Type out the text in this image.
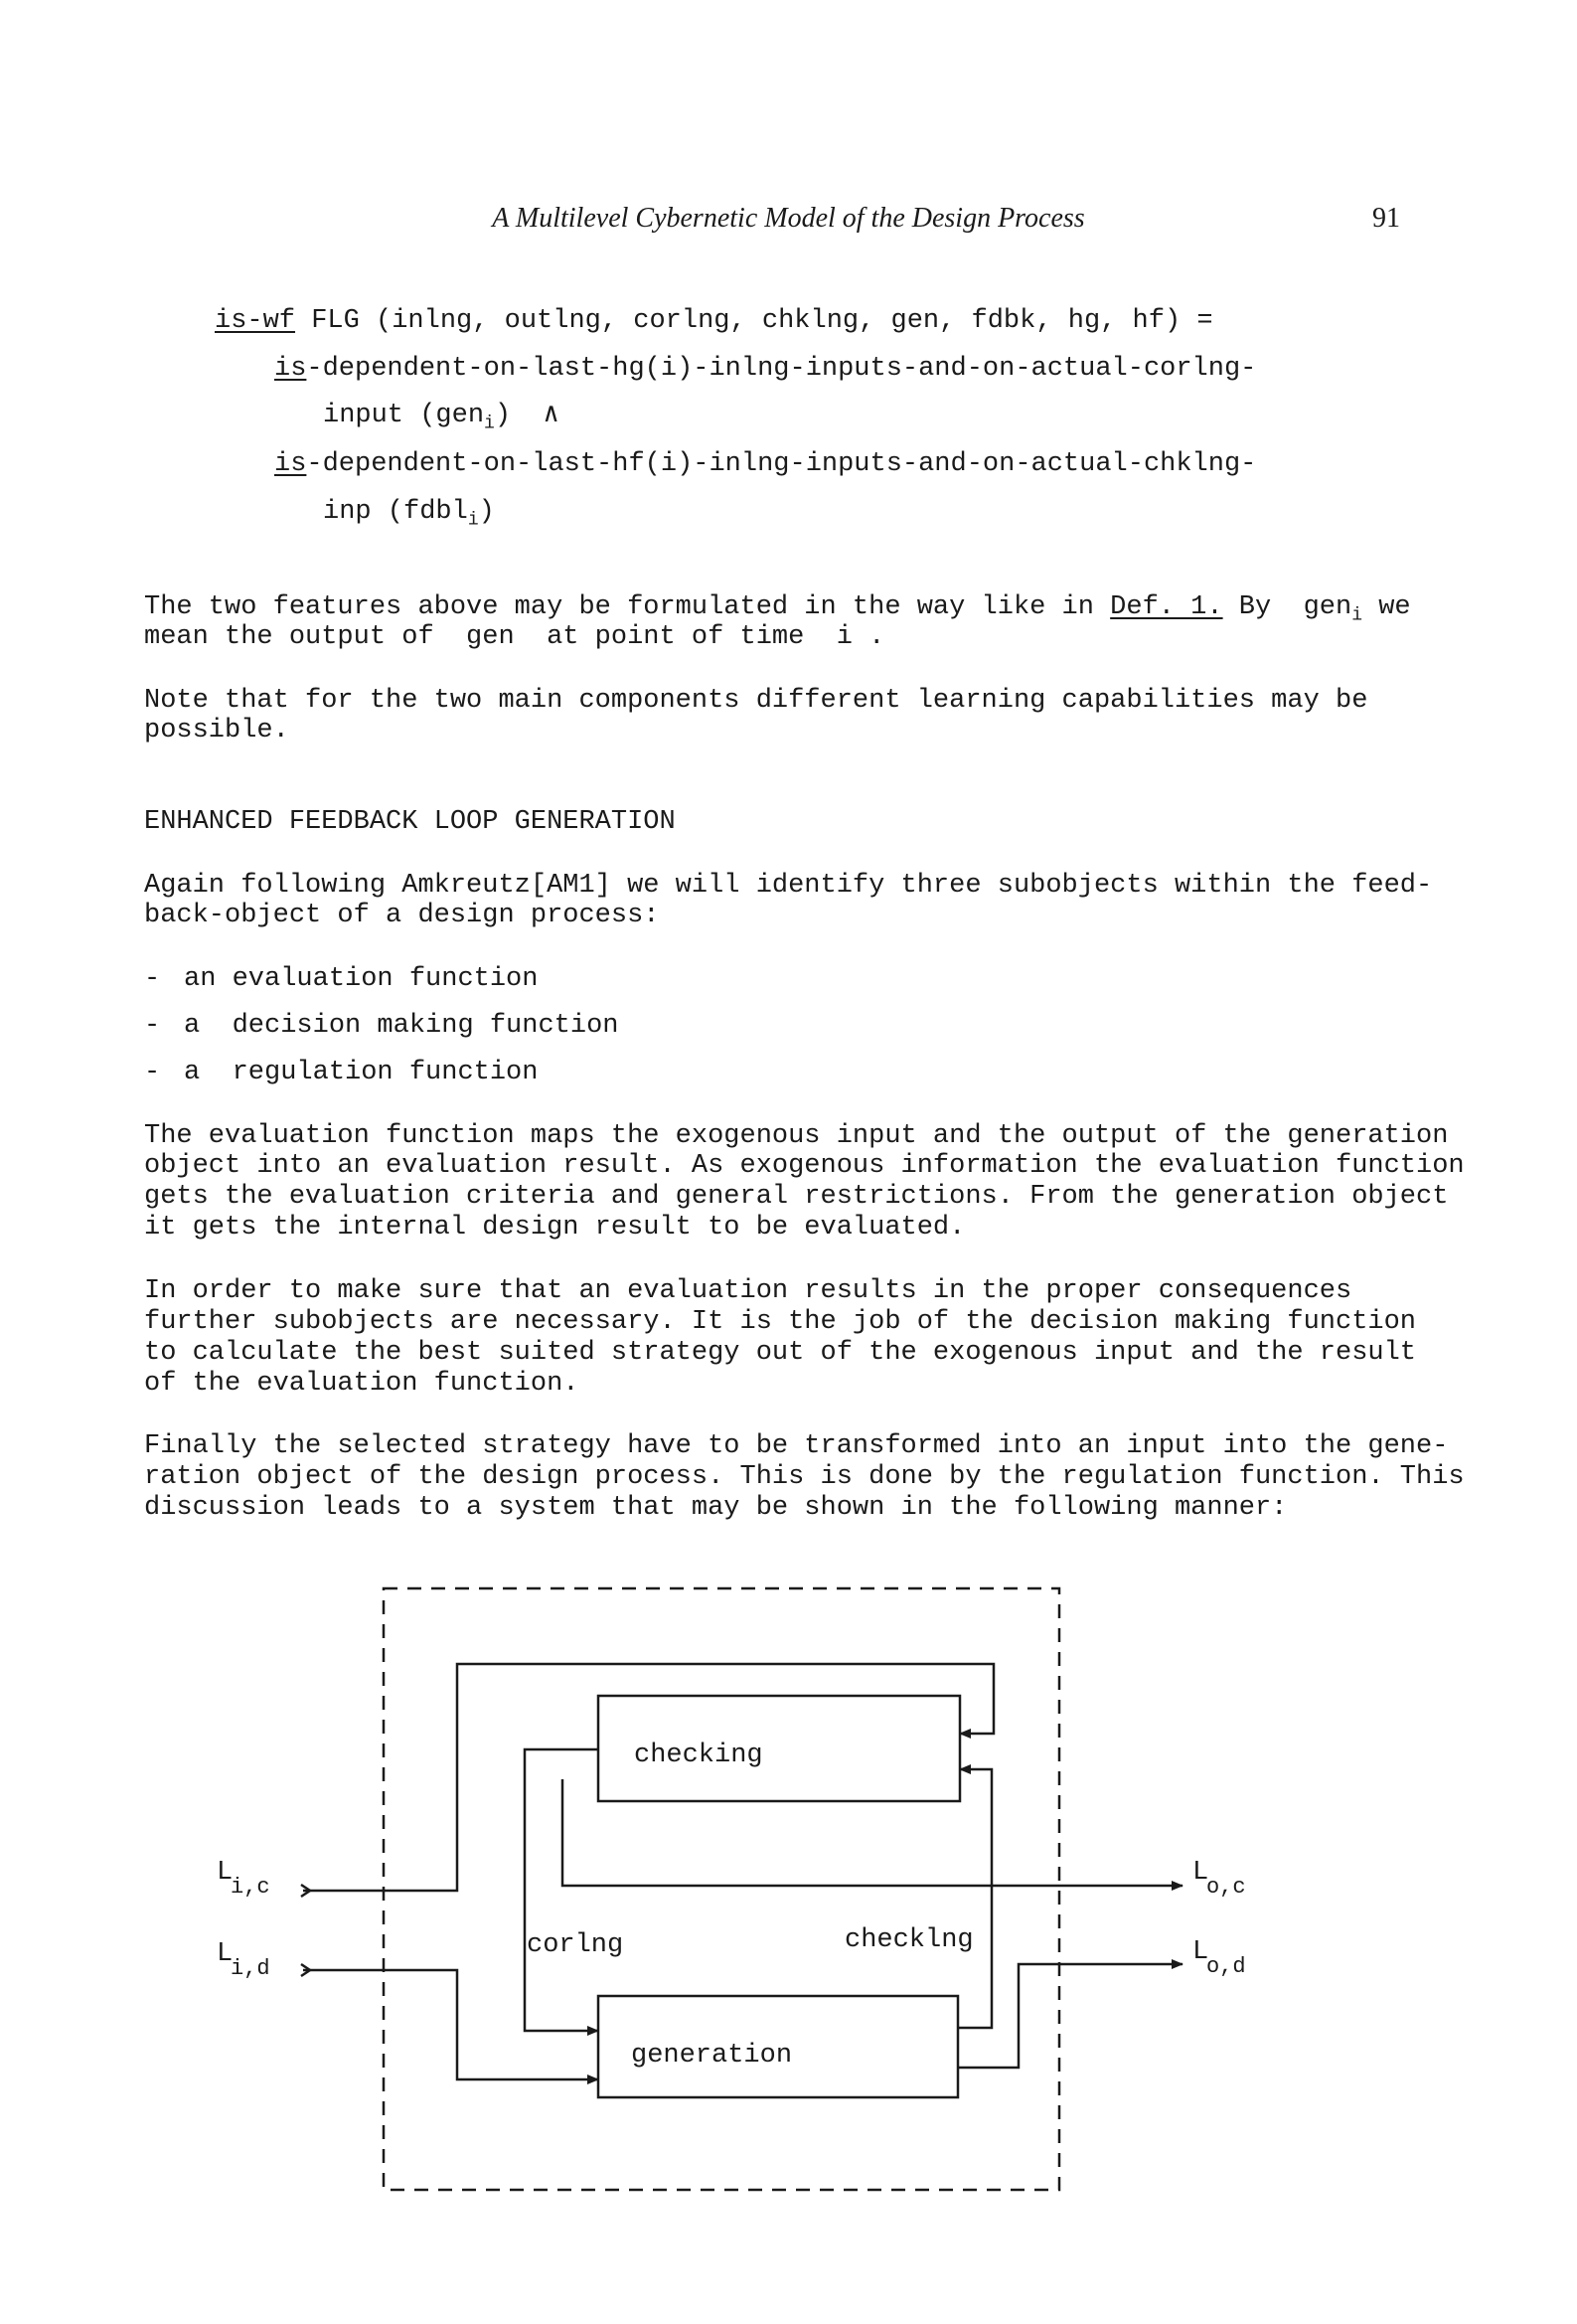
A Multilevel Cybernetic Model of the Design Process	91
is-wf FLG (inlng, outlng, corlng, chklng, gen, fdbk, hg, hf) =
is-dependent-on-last-hg(i)-inlng-inputs-and-on-actual-corlng-
input (gen$_i$)  ∧
is-dependent-on-last-hf(i)-inlng-inputs-and-on-actual-chklng-
inp (fdbl$_i$)
The two features above may be formulated in the way like in Def. 1. By  gen$_i$ we
mean the output of  gen  at point of time  i .
Note that for the two main components different learning capabilities may be
possible.
ENHANCED FEEDBACK LOOP GENERATION
Again following Amkreutz[AM1] we will identify three subobjects within the feed-
back-object of a design process:
- an evaluation function
- a  decision making function
- a  regulation function
The evaluation function maps the exogenous input and the output of the generation
object into an evaluation result. As exogenous information the evaluation function
gets the evaluation criteria and general restrictions. From the generation object
it gets the internal design result to be evaluated.
In order to make sure that an evaluation results in the proper consequences
further subobjects are necessary. It is the job of the decision making function
to calculate the best suited strategy out of the exogenous input and the result
of the evaluation function.
Finally the selected strategy have to be transformed into an input into the gene-
ration object of the design process. This is done by the regulation function. This
discussion leads to a system that may be shown in the following manner:
checking
generation
corlng	checklng
L
i,c
L
i,d
L
o,c
L
o,d
